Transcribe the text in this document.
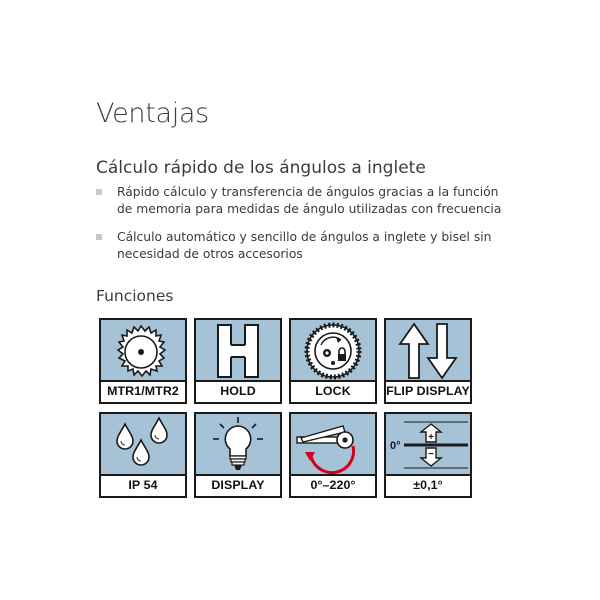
Ventajas
Cálculo rápido de los ángulos a inglete
Rápido cálculo y transferencia de ángulos gracias a la función de memoria para medidas de ángulo utilizadas con frecuencia
Cálculo automático y sencillo de ángulos a inglete y bisel sin necesidad de otros accesorios
Funciones
MTR1/MTR2	HOLD	LOCK	FLIP DISPLAY
IP 54	DISPLAY	0°–220°
0°
+
−
±0,1°
